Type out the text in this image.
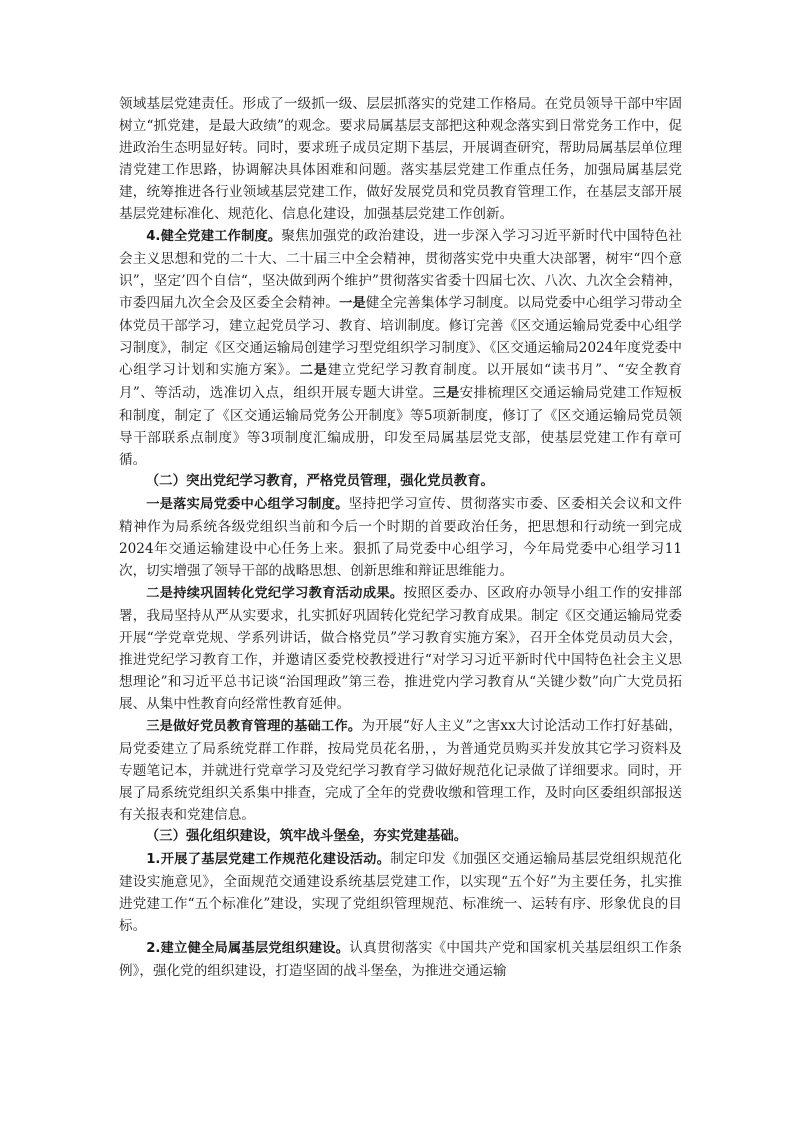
领域基层党建责任。形成了一级抓一级、层层抓落实的党建工作格局。在党员领导干部中牢固树立“抓党建，是最大政绩”的观念。要求局属基层支部把这种观念落实到日常党务工作中，促进政治生态明显好转。同时，要求班子成员定期下基层，开展调查研究，帮助局属基层单位理清党建工作思路，协调解决具体困难和问题。落实基层党建工作重点任务，加强局属基层党建，统筹推进各行业领域基层党建工作，做好发展党员和党员教育管理工作，在基层支部开展基层党建标准化、规范化、信息化建设，加强基层党建工作创新。

4.健全党建工作制度。聚焦加强党的政治建设，进一步深入学习习近平新时代中国特色社会主义思想和党的二十大、二十届三中全会精神，贯彻落实党中央重大决部署，树牢“四个意识”，坚定’四个自信“，坚决做到两个维护”贯彻落实省委十四届七次、八次、九次全会精神，市委四届九次全会及区委全会精神。一是健全完善集体学习制度。以局党委中心组学习带动全体党员干部学习，建立起党员学习、教育、培训制度。修订完善《区交通运输局党委中心组学习制度》，制定《区交通运输局创建学习型党组织学习制度》、《区交通运输局2024年度党委中心组学习计划和实施方案》。二是建立党纪学习教育制度。以开展如“读书月”、“安全教育月”、等活动，选准切入点，组织开展专题大讲堂。三是安排梳理区交通运输局党建工作短板和制度，制定了《区交通运输局党务公开制度》等5项新制度，修订了《区交通运输局党员领导干部联系点制度》等3项制度汇编成册，印发至局属基层党支部，使基层党建工作有章可循。

（二）突出党纪学习教育，严格党员管理，强化党员教育。

一是落实局党委中心组学习制度。坚持把学习宣传、贯彻落实市委、区委相关会议和文件精神作为局系统各级党组织当前和今后一个时期的首要政治任务，把思想和行动统一到完成2024年交通运输建设中心任务上来。狠抓了局党委中心组学习，今年局党委中心组学习11次，切实增强了领导干部的战略思想、创新思维和辩证思维能力。

二是持续巩固转化党纪学习教育活动成果。按照区委办、区政府办领导小组工作的安排部署，我局坚持从严从实要求，扎实抓好巩固转化党纪学习教育成果。制定《区交通运输局党委开展“学党章党规、学系列讲话，做合格党员”学习教育实施方案》，召开全体党员动员大会，推进党纪学习教育工作，并邀请区委党校教授进行“对学习习近平新时代中国特色社会主义思想理论”和习近平总书记谈“治国理政”第三卷，推进党内学习教育从“关键少数”向广大党员拓展、从集中性教育向经常性教育延伸。

三是做好党员教育管理的基础工作。为开展“好人主义”之害xx大讨论活动工作打好基础，局党委建立了局系统党群工作群，按局党员花名册，，为普通党员购买并发放其它学习资料及专题笔记本，并就进行党章学习及党纪学习教育学习做好规范化记录做了详细要求。同时，开展了局系统党组织关系集中排查，完成了全年的党费收缴和管理工作，及时向区委组织部报送有关报表和党建信息。

（三）强化组织建设，筑牢战斗堡垒，夯实党建基础。

1.开展了基层党建工作规范化建设活动。制定印发《加强区交通运输局基层党组织规范化建设实施意见》，全面规范交通建设系统基层党建工作，以实现“五个好”为主要任务，扎实推进党建工作“五个标准化”建设，实现了党组织管理规范、标准统一、运转有序、形象优良的目标。

2.建立健全局属基层党组织建设。认真贯彻落实《中国共产党和国家机关基层组织工作条例》，强化党的组织建设，打造坚固的战斗堡垒，为推进交通运输
